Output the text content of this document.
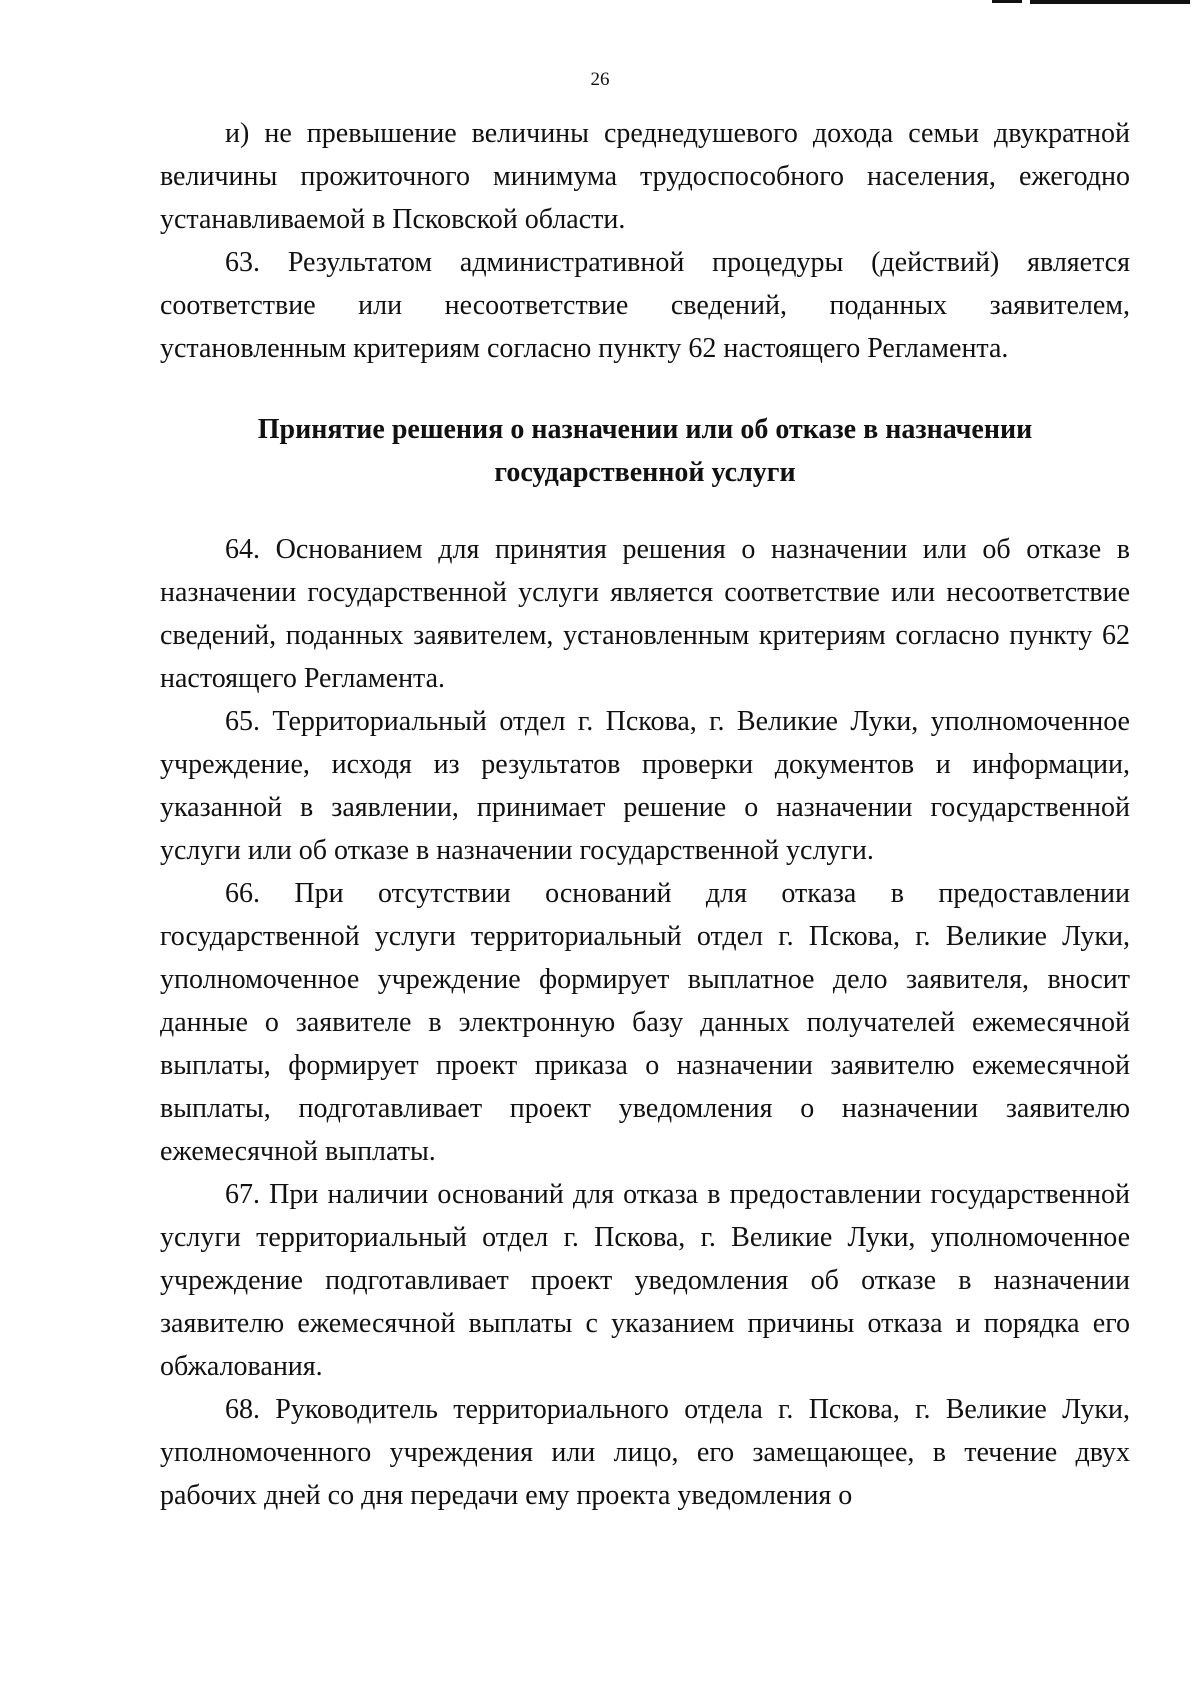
26

и) не превышение величины среднедушевого дохода семьи двукратной величины прожиточного минимума трудоспособного населения, ежегодно устанавливаемой в Псковской области.

63. Результатом административной процедуры (действий) является соответствие или несоответствие сведений, поданных заявителем, установленным критериям согласно пункту 62 настоящего Регламента.

Принятие решения о назначении или об отказе в назначении государственной услуги

64. Основанием для принятия решения о назначении или об отказе в назначении государственной услуги является соответствие или несоответствие сведений, поданных заявителем, установленным критериям согласно пункту 62 настоящего Регламента.

65. Территориальный отдел г. Пскова, г. Великие Луки, уполномоченное учреждение, исходя из результатов проверки документов и информации, указанной в заявлении, принимает решение о назначении государственной услуги или об отказе в назначении государственной услуги.

66. При отсутствии оснований для отказа в предоставлении государственной услуги территориальный отдел г. Пскова, г. Великие Луки, уполномоченное учреждение формирует выплатное дело заявителя, вносит данные о заявителе в электронную базу данных получателей ежемесячной выплаты, формирует проект приказа о назначении заявителю ежемесячной выплаты, подготавливает проект уведомления о назначении заявителю ежемесячной выплаты.

67. При наличии оснований для отказа в предоставлении государственной услуги территориальный отдел г. Пскова, г. Великие Луки, уполномоченное учреждение подготавливает проект уведомления об отказе в назначении заявителю ежемесячной выплаты с указанием причины отказа и порядка его обжалования.

68. Руководитель территориального отдела г. Пскова, г. Великие Луки, уполномоченного учреждения или лицо, его замещающее, в течение двух рабочих дней со дня передачи ему проекта уведомления о
